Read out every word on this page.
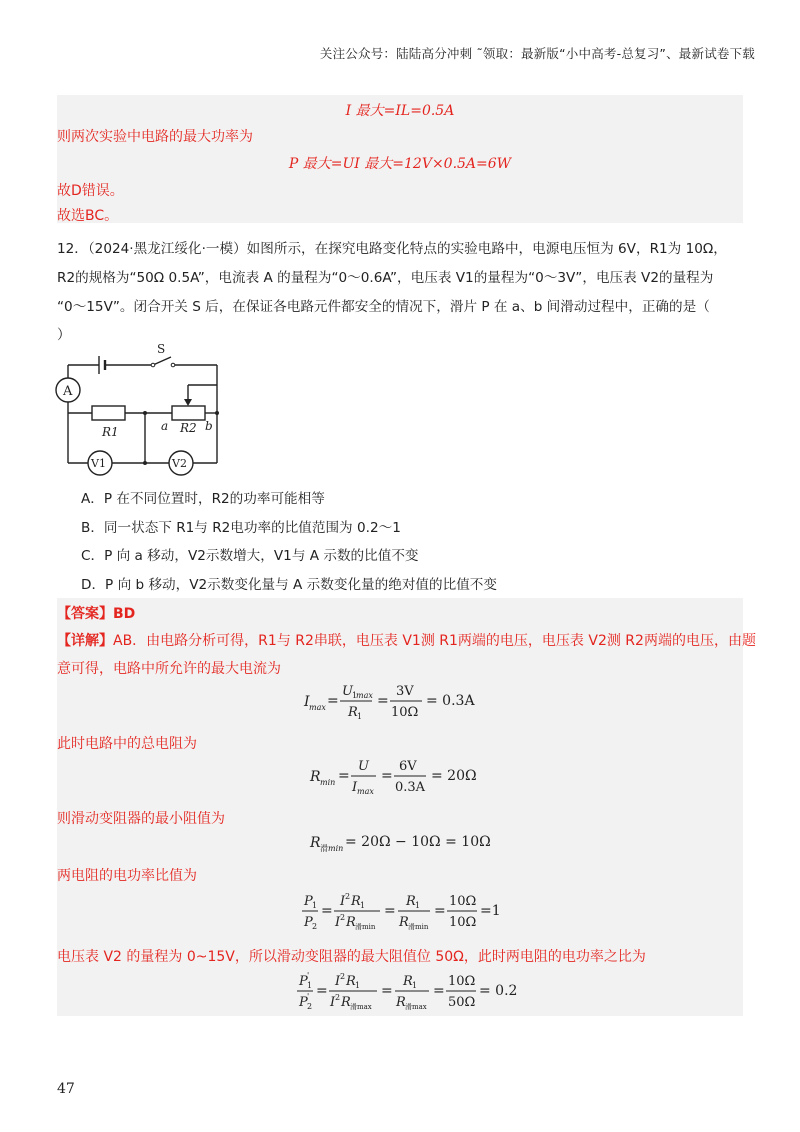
关注公众号：陆陆高分冲刺 ˜领取：最新版“小中高考-总复习”、最新试卷下载
I 最大=IL=0.5A
则两次实验中电路的最大功率为
P 最大=UI 最大=12V×0.5A=6W
故D错误。
故选BC。
12．（2024·黑龙江绥化·一模）如图所示，在探究电路变化特点的实验电路中，电源电压恒为 6V，R1为 10Ω，
R2的规格为“50Ω 0.5A”，电流表 A 的量程为“0～0.6A”，电压表 V1的量程为“0～3V”，电压表 V2的量程为
“0～15V”。闭合开关 S 后，在保证各电路元件都安全的情况下，滑片 P 在 a、b 间滑动过程中，正确的是（
）
S
A
R1	a R2 b
V1	V2
A．P 在不同位置时，R2的功率可能相等
B．同一状态下 R1与 R2电功率的比值范围为 0.2～1
C．P 向 a 移动，V2示数增大，V1与 A 示数的比值不变
D．P 向 b 移动，V2示数变化量与 A 示数变化量的绝对值的比值不变
【答案】BD
【详解】AB．由电路分析可得，R1与 R2串联，电压表 V1测 R1两端的电压，电压表 V2测 R2两端的电压，由题
意可得，电路中所允许的最大电流为
I max =
U 1
max
R 1
=
3V
10Ω
= 0.3A
此时电路中的总电阻为
R min =
U
I max
=
6V
0.3A
= 20Ω
则滑动变阻器的最小阻值为
R 滑 min = 20Ω − 10Ω = 10Ω
两电阻的电功率比值为
P 1
P 2
=
I 2 R 1
I 2 R 滑min
=
R 1
R 滑min
=
10Ω
10Ω
=1
电压表 V2 的量程为 0~15V，所以滑动变阻器的最大阻值位 50Ω，此时两电阻的电功率之比为
P 1
'
P 2
' =
I 2 R 1
I 2 R 滑max
=
R 1
R 滑max
=
10Ω
50Ω
= 0.2
47
